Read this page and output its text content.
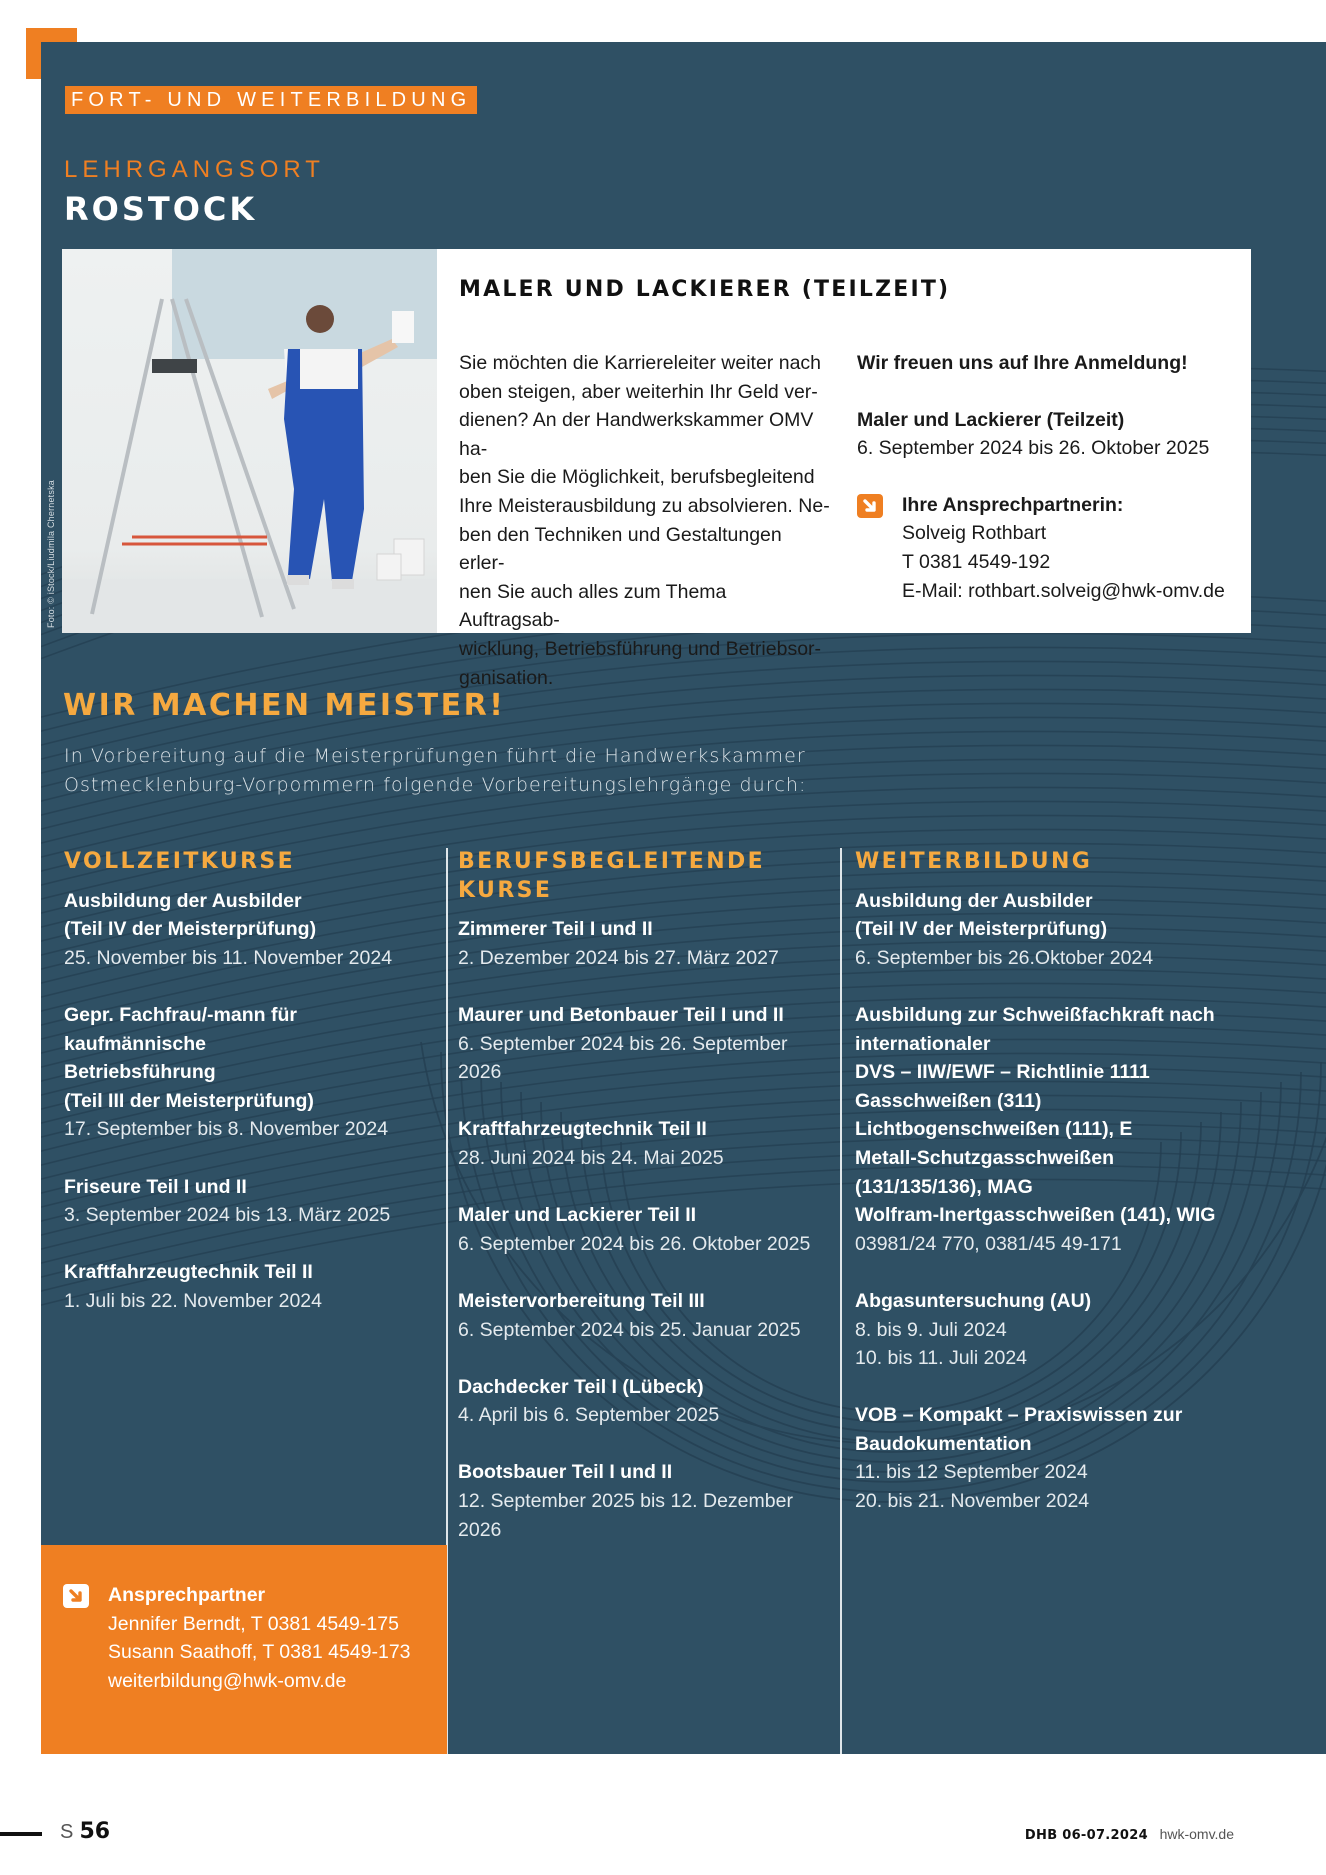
FORT- UND WEITERBILDUNG
LEHRGANGSORT
ROSTOCK
Foto: © iStock/Liudmila Chernetska
MALER UND LACKIERER (TEILZEIT)
Sie möchten die Karriereleiter weiter nach
oben steigen, aber weiterhin Ihr Geld ver-
dienen? An der Handwerkskammer OMV ha-
ben Sie die Möglichkeit, berufsbegleitend
Ihre Meisterausbildung zu absolvieren. Ne-
ben den Techniken und Gestaltungen erler-
nen Sie auch alles zum Thema Auftragsab-
wicklung, Betriebsführung und Betriebsor-
ganisation.
Wir freuen uns auf Ihre Anmeldung!
Maler und Lackierer (Teilzeit)
6. September 2024 bis 26. Oktober 2025
Ihre Ansprechpartnerin:
Solveig Rothbart
T 0381 4549-192
E-Mail: rothbart.solveig@hwk-omv.de
WIR MACHEN MEISTER!
In Vorbereitung auf die Meisterprüfungen führt die Handwerkskammer
Ostmecklenburg-Vorpommern folgende Vorbereitungslehrgänge durch:
VOLLZEITKURSE
Ausbildung der Ausbilder
(Teil IV der Meisterprüfung)
25. November bis 11. November 2024
Gepr. Fachfrau/-mann für kaufmännische
Betriebsführung
(Teil III der Meisterprüfung)
17. September bis 8. November 2024
Friseure Teil I und II
3. September 2024 bis 13. März 2025
Kraftfahrzeugtechnik Teil II
1. Juli bis 22. November 2024
BERUFSBEGLEITENDE
KURSE
Zimmerer Teil I und II
2. Dezember 2024 bis 27. März 2027
Maurer und Betonbauer Teil I und II
6. September 2024 bis 26. September
2026
Kraftfahrzeugtechnik Teil II
28. Juni 2024 bis 24. Mai 2025
Maler und Lackierer Teil II
6. September 2024 bis 26. Oktober 2025
Meistervorbereitung Teil III
6. September 2024 bis 25. Januar 2025
Dachdecker Teil I (Lübeck)
4. April bis 6. September 2025
Bootsbauer Teil I und II
12. September 2025 bis 12. Dezember
2026
WEITERBILDUNG
Ausbildung der Ausbilder
(Teil IV der Meisterprüfung)
6. September bis 26.Oktober 2024
Ausbildung zur Schweißfachkraft nach
internationaler
DVS – IIW/EWF – Richtlinie 1111
Gasschweißen (311)
Lichtbogenschweißen (111), E
Metall-Schutzgasschweißen
(131/135/136), MAG
Wolfram-Inertgasschweißen (141), WIG
03981/24 770, 0381/45 49-171
Abgasuntersuchung (AU)
8. bis 9. Juli 2024
10. bis 11. Juli 2024
VOB – Kompakt – Praxiswissen zur
Baudokumentation
11. bis 12 September 2024
20. bis 21. November 2024
Ansprechpartner
Jennifer Berndt, T 0381 4549-175
Susann Saathoff, T 0381 4549-173
weiterbildung@hwk-omv.de
S 56	DHB 06-07.2024 hwk-omv.de
